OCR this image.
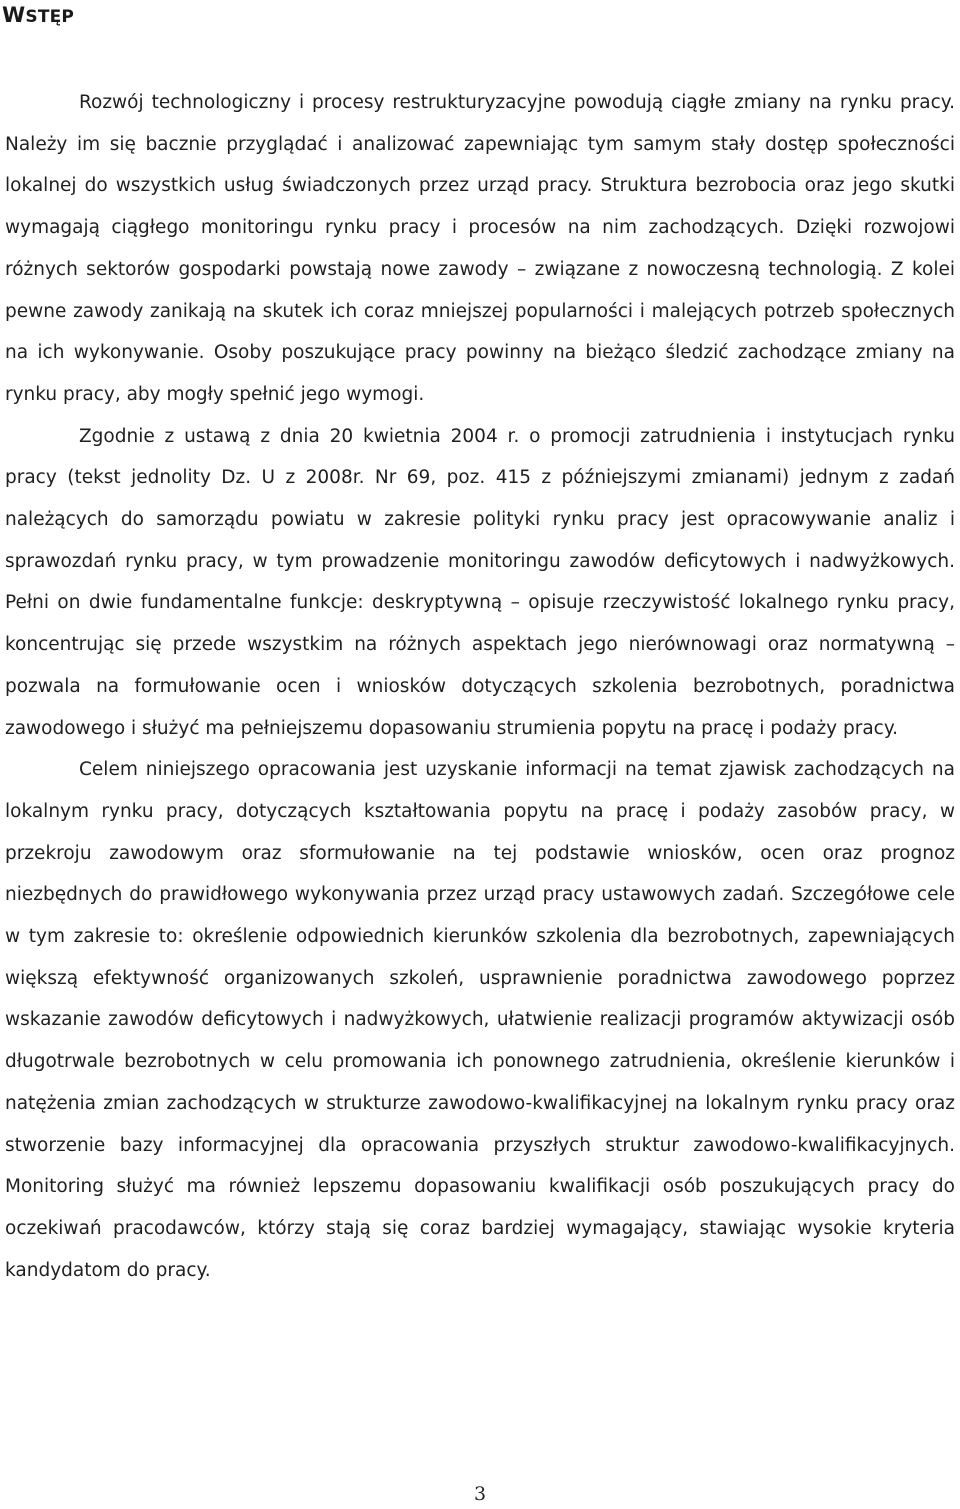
WSTĘP

Rozwój technologiczny i procesy restrukturyzacyjne powodują ciągłe zmiany na rynku pracy. Należy im się bacznie przyglądać i analizować zapewniając tym samym stały dostęp społeczności lokalnej do wszystkich usług świadczonych przez urząd pracy. Struktura bezrobocia oraz jego skutki wymagają ciągłego monitoringu rynku pracy i procesów na nim zachodzących. Dzięki rozwojowi różnych sektorów gospodarki powstają nowe zawody – związane z nowoczesną technologią. Z kolei pewne zawody zanikają na skutek ich coraz mniejszej popularności i malejących potrzeb społecznych na ich wykonywanie. Osoby poszukujące pracy powinny na bieżąco śledzić zachodzące zmiany na rynku pracy, aby mogły spełnić jego wymogi.

Zgodnie z ustawą z dnia 20 kwietnia 2004 r. o promocji zatrudnienia i instytucjach rynku pracy (tekst jednolity Dz. U z 2008r. Nr 69, poz. 415 z późniejszymi zmianami) jednym z zadań należących do samorządu powiatu w zakresie polityki rynku pracy jest opracowywanie analiz i sprawozdań rynku pracy, w tym prowadzenie monitoringu zawodów deficytowych i nadwyżkowych. Pełni on dwie fundamentalne funkcje: deskryptywną – opisuje rzeczywistość lokalnego rynku pracy, koncentrując się przede wszystkim na różnych aspektach jego nierównowagi oraz normatywną – pozwala na formułowanie ocen i wniosków dotyczących szkolenia bezrobotnych, poradnictwa zawodowego i służyć ma pełniejszemu dopasowaniu strumienia popytu na pracę i podaży pracy.

Celem niniejszego opracowania jest uzyskanie informacji na temat zjawisk zachodzących na lokalnym rynku pracy, dotyczących kształtowania popytu na pracę i podaży zasobów pracy, w przekroju zawodowym oraz sformułowanie na tej podstawie wniosków, ocen oraz prognoz niezbędnych do prawidłowego wykonywania przez urząd pracy ustawowych zadań. Szczegółowe cele w tym zakresie to: określenie odpowiednich kierunków szkolenia dla bezrobotnych, zapewniających większą efektywność organizowanych szkoleń, usprawnienie poradnictwa zawodowego poprzez wskazanie zawodów deficytowych i nadwyżkowych, ułatwienie realizacji programów aktywizacji osób długotrwale bezrobotnych w celu promowania ich ponownego zatrudnienia, określenie kierunków i natężenia zmian zachodzących w strukturze zawodowo-kwalifikacyjnej na lokalnym rynku pracy oraz stworzenie bazy informacyjnej dla opracowania przyszłych struktur zawodowo-kwalifikacyjnych. Monitoring służyć ma również lepszemu dopasowaniu kwalifikacji osób poszukujących pracy do oczekiwań pracodawców, którzy stają się coraz bardziej wymagający, stawiając wysokie kryteria kandydatom do pracy.

3
